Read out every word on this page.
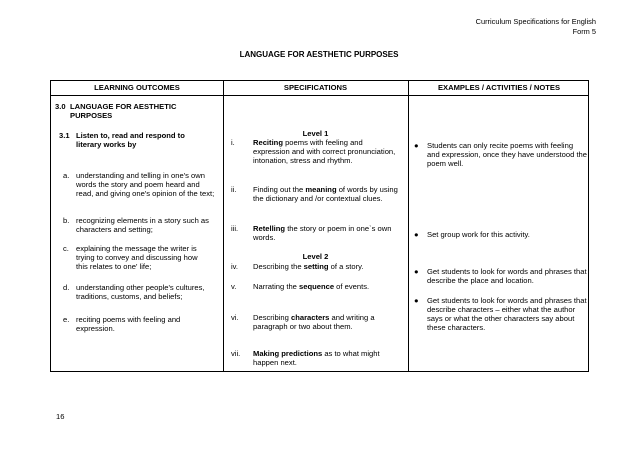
Curriculum Specifications for English
Form 5
LANGUAGE FOR AESTHETIC PURPOSES
LEARNING OUTCOMES	SPECIFICATIONS	EXAMPLES / ACTIVITIES / NOTES
3.0 LANGUAGE FOR AESTHETIC PURPOSES
3.1 Listen to, read and respond to literary works by
a. understanding and telling in one's own words the story and poem heard and read, and giving one's opinion of the text;
b. recognizing elements in a story such as characters and setting;
c. explaining the message the writer is trying to convey and discussing how this relates to one' life;
d. understanding other people's cultures, traditions, customs, and beliefs;
e. reciting poems with feeling and expression.
Level 1
i. Reciting poems with feeling and expression and with correct pronunciation, intonation, stress and rhythm.
ii. Finding out the meaning of words by using the dictionary and /or contextual clues.
iii. Retelling the story or poem in one`s own words.
Level 2
iv. Describing the setting of a story.
v. Narrating the sequence of events.
vi. Describing characters and writing a paragraph or two about them.
vii. Making predictions as to what might happen next.
● Students can only recite poems with feeling and expression, once they have understood the poem well.
● Set group work for this activity.
● Get students to look for words and phrases that describe the place and location.
● Get students to look for words and phrases that describe characters – either what the author says or what the other characters say about these characters.
16
